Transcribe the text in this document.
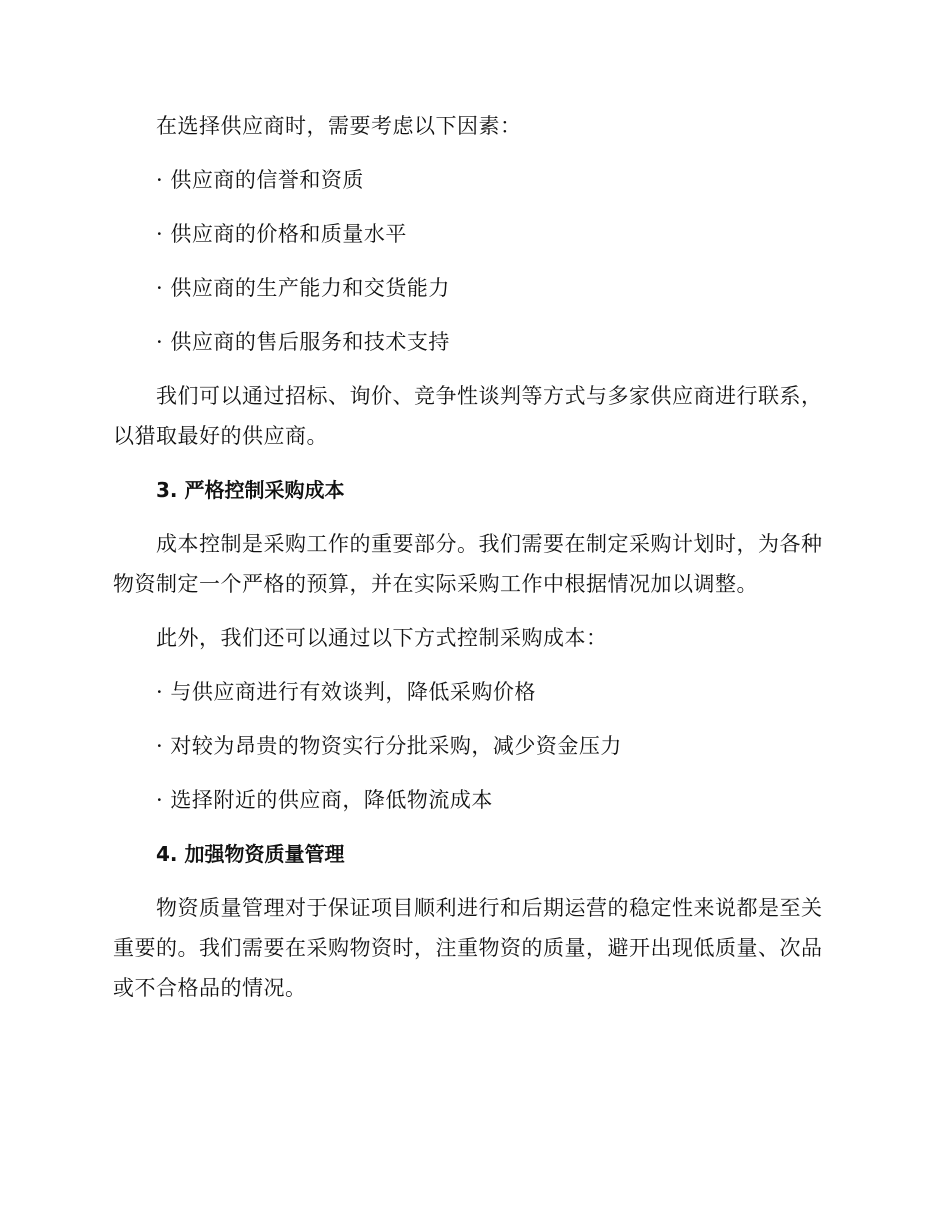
在选择供应商时，需要考虑以下因素：

· 供应商的信誉和资质

· 供应商的价格和质量水平

· 供应商的生产能力和交货能力

· 供应商的售后服务和技术支持

我们可以通过招标、询价、竞争性谈判等方式与多家供应商进行联系，以猎取最好的供应商。

3. 严格控制采购成本

成本控制是采购工作的重要部分。我们需要在制定采购计划时，为各种物资制定一个严格的预算，并在实际采购工作中根据情况加以调整。

此外，我们还可以通过以下方式控制采购成本：

· 与供应商进行有效谈判，降低采购价格

· 对较为昂贵的物资实行分批采购，减少资金压力

· 选择附近的供应商，降低物流成本

4. 加强物资质量管理

物资质量管理对于保证项目顺利进行和后期运营的稳定性来说都是至关重要的。我们需要在采购物资时，注重物资的质量，避开出现低质量、次品或不合格品的情况。
